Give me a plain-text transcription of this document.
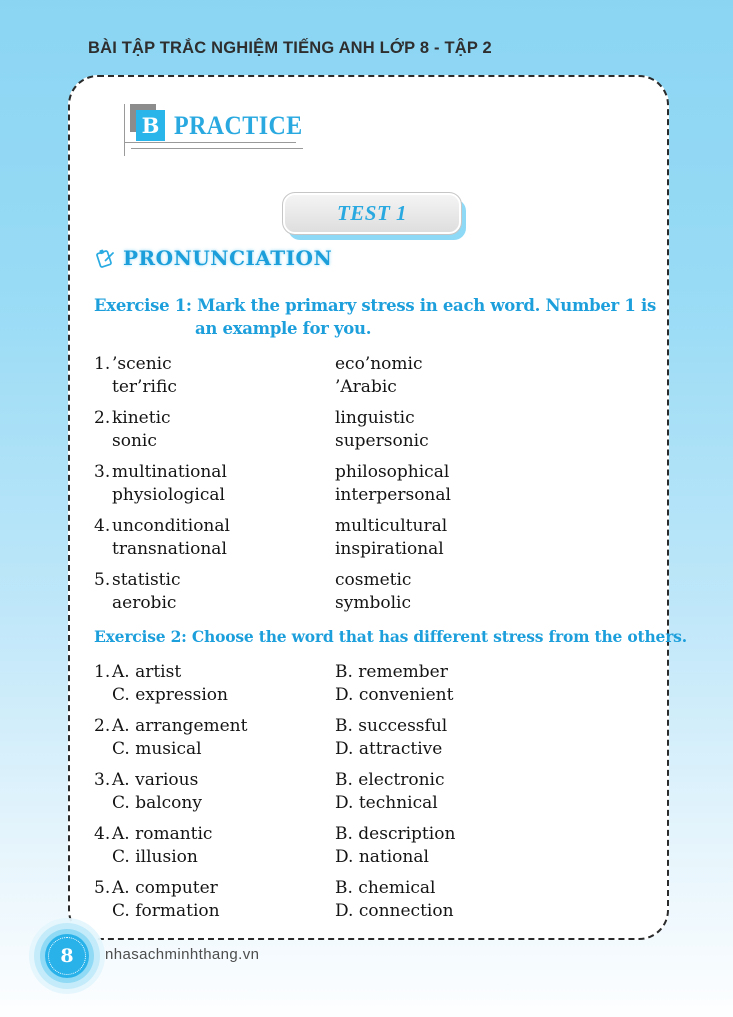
BÀI TẬP TRẮC NGHIỆM TIẾNG ANH LỚP 8 - TẬP 2
B PRACTICE
TEST 1
PRONUNCIATION
Exercise 1: Mark the primary stress in each word. Number 1 is
an example for you.
1. ’scenic
ter’rific
eco’nomic
’Arabic
2. kinetic
sonic
linguistic
supersonic
3. multinational
physiological
philosophical
interpersonal
4. unconditional
transnational
multicultural
inspirational
5. statistic
aerobic
cosmetic
symbolic
Exercise 2: Choose the word that has different stress from the others.
1. A. artist
C. expression
B. remember
D. convenient
2. A. arrangement
C. musical
B. successful
D. attractive
3. A. various
C. balcony
B. electronic
D. technical
4. A. romantic
C. illusion
B. description
D. national
5. A. computer
C. formation
B. chemical
D. connection
8	nhasachminhthang.vn
